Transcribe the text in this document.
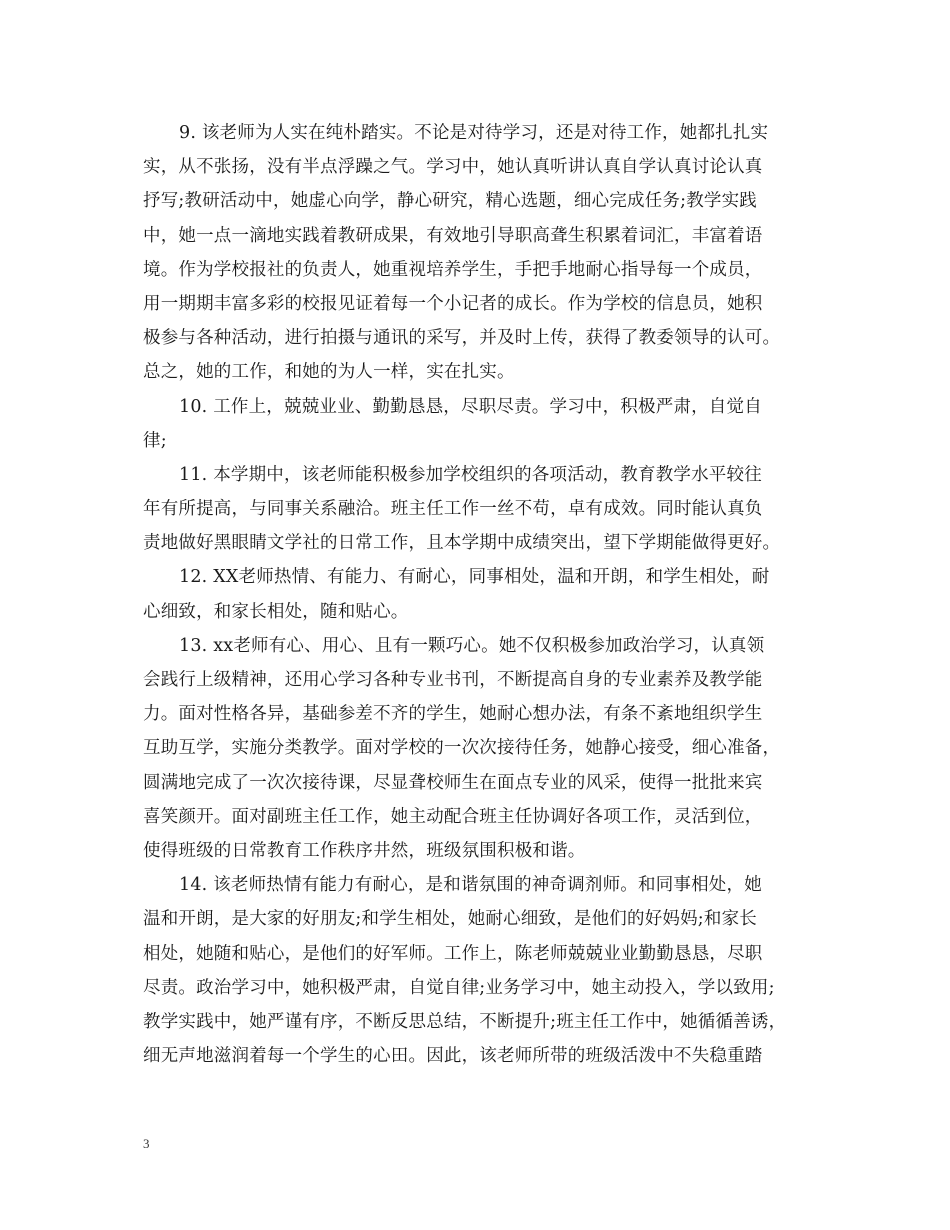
9. 该老师为人实在纯朴踏实。不论是对待学习，还是对待工作，她都扎扎实
实，从不张扬，没有半点浮躁之气。学习中，她认真听讲认真自学认真讨论认真
抒写;教研活动中，她虚心向学，静心研究，精心选题，细心完成任务;教学实践
中，她一点一滴地实践着教研成果，有效地引导职高聋生积累着词汇，丰富着语
境。作为学校报社的负责人，她重视培养学生，手把手地耐心指导每一个成员，
用一期期丰富多彩的校报见证着每一个小记者的成长。作为学校的信息员，她积
极参与各种活动，进行拍摄与通讯的采写，并及时上传，获得了教委领导的认可。
总之，她的工作，和她的为人一样，实在扎实。
10. 工作上，兢兢业业、勤勤恳恳，尽职尽责。学习中，积极严肃，自觉自
律;
11. 本学期中，该老师能积极参加学校组织的各项活动，教育教学水平较往
年有所提高，与同事关系融洽。班主任工作一丝不苟，卓有成效。同时能认真负
责地做好黑眼睛文学社的日常工作，且本学期中成绩突出，望下学期能做得更好。
12. XX老师热情、有能力、有耐心，同事相处，温和开朗，和学生相处，耐
心细致，和家长相处，随和贴心。
13. xx老师有心、用心、且有一颗巧心。她不仅积极参加政治学习，认真领
会践行上级精神，还用心学习各种专业书刊，不断提高自身的专业素养及教学能
力。面对性格各异，基础参差不齐的学生，她耐心想办法，有条不紊地组织学生
互助互学，实施分类教学。面对学校的一次次接待任务，她静心接受，细心准备，
圆满地完成了一次次接待课，尽显聋校师生在面点专业的风采，使得一批批来宾
喜笑颜开。面对副班主任工作，她主动配合班主任协调好各项工作，灵活到位，
使得班级的日常教育工作秩序井然，班级氛围积极和谐。
14. 该老师热情有能力有耐心，是和谐氛围的神奇调剂师。和同事相处，她
温和开朗，是大家的好朋友;和学生相处，她耐心细致，是他们的好妈妈;和家长
相处，她随和贴心，是他们的好军师。工作上，陈老师兢兢业业勤勤恳恳，尽职
尽责。政治学习中，她积极严肃，自觉自律;业务学习中，她主动投入，学以致用;
教学实践中，她严谨有序，不断反思总结，不断提升;班主任工作中，她循循善诱，
细无声地滋润着每一个学生的心田。因此，该老师所带的班级活泼中不失稳重踏
3
